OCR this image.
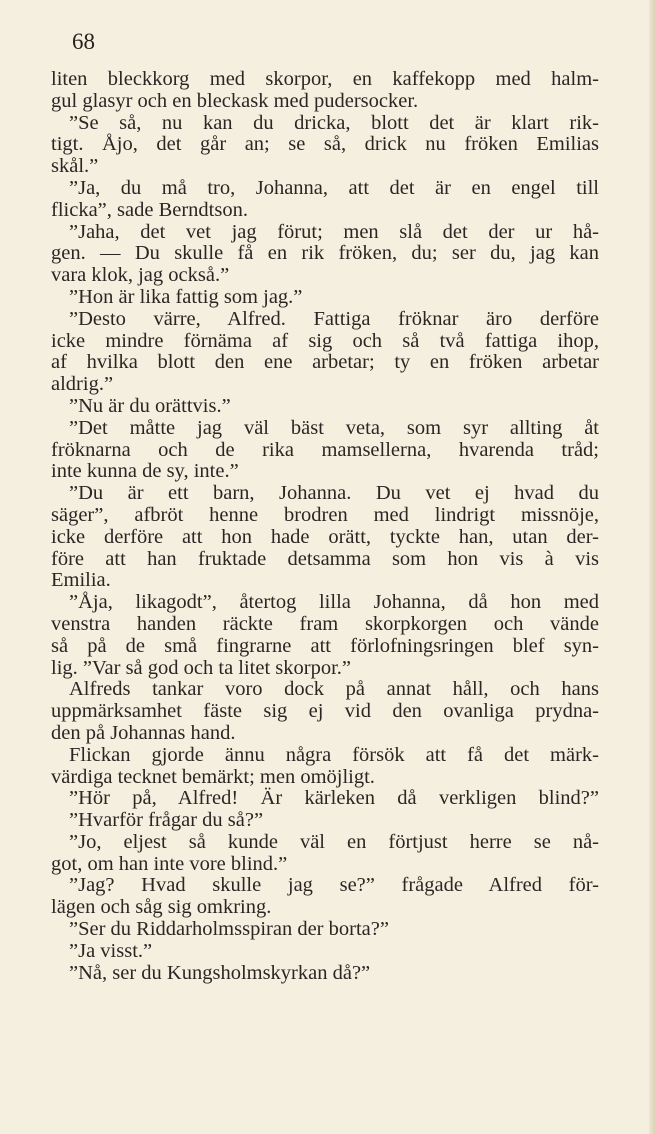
68
liten bleckkorg med skorpor, en kaffekopp med halm-
gul glasyr och en bleckask med pudersocker.
”Se så, nu kan du dricka, blott det är klart rik-
tigt. Åjo, det går an; se så, drick nu fröken Emilias
skål.”
”Ja, du må tro, Johanna, att det är en engel till
flicka”, sade Berndtson.
”Jaha, det vet jag förut; men slå det der ur hå-
gen. — Du skulle få en rik fröken, du; ser du, jag kan
vara klok, jag också.”
”Hon är lika fattig som jag.”
”Desto värre, Alfred. Fattiga fröknar äro derföre
icke mindre förnäma af sig och så två fattiga ihop,
af hvilka blott den ene arbetar; ty en fröken arbetar
aldrig.”
”Nu är du orättvis.”
”Det måtte jag väl bäst veta, som syr allting åt
fröknarna och de rika mamsellerna, hvarenda tråd;
inte kunna de sy, inte.”
”Du är ett barn, Johanna. Du vet ej hvad du
säger”, afbröt henne brodren med lindrigt missnöje,
icke derföre att hon hade orätt, tyckte han, utan der-
före att han fruktade detsamma som hon vis à vis
Emilia.
”Åja, likagodt”, återtog lilla Johanna, då hon med
venstra handen räckte fram skorpkorgen och vände
så på de små fingrarne att förlofningsringen blef syn-
lig. ”Var så god och ta litet skorpor.”
Alfreds tankar voro dock på annat håll, och hans
uppmärksamhet fäste sig ej vid den ovanliga prydna-
den på Johannas hand.
Flickan gjorde ännu några försök att få det märk-
värdiga tecknet bemärkt; men omöjligt.
”Hör på, Alfred! Är kärleken då verkligen blind?”
”Hvarför frågar du så?”
”Jo, eljest så kunde väl en förtjust herre se nå-
got, om han inte vore blind.”
”Jag? Hvad skulle jag se?” frågade Alfred för-
lägen och såg sig omkring.
”Ser du Riddarholmsspiran der borta?”
”Ja visst.”
”Nå, ser du Kungsholmskyrkan då?”
